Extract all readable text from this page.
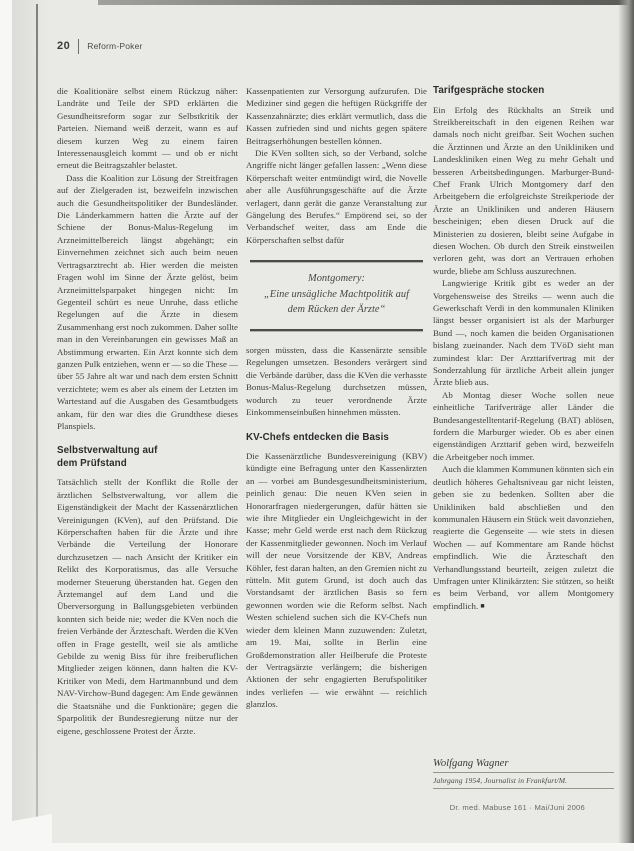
20 Reform-Poker

die Koalitionäre selbst einem Rückzug näher: Landräte und Teile der SPD erklärten die Gesundheitsreform sogar zur Selbstkritik der Parteien. Niemand weiß derzeit, wann es auf diesem kurzen Weg zu einem fairen Interessenausgleich kommt — und ob er nicht erneut die Beitragszahler belastet.

Dass die Koalition zur Lösung der Streitfragen auf der Zielgeraden ist, bezweifeln inzwischen auch die Gesundheitspolitiker der Bundesländer. Die Länderkammern hatten die Ärzte auf der Schiene der Bonus-Malus-Regelung im Arzneimittelbereich längst abgehängt; ein Einvernehmen zeichnet sich auch beim neuen Vertragsarztrecht ab. Hier werden die meisten Fragen wohl im Sinne der Ärzte gelöst, beim Arzneimittelsparpaket hingegen nicht: Im Gegenteil schürt es neue Unruhe, dass etliche Regelungen auf die Ärzte in diesem Zusammenhang erst noch zukommen. Daher sollte man in den Vereinbarungen ein gewisses Maß an Abstimmung erwarten. Ein Arzt konnte sich dem ganzen Pulk entziehen, wenn er — so die These — über 55 Jahre alt war und nach dem ersten Schnitt verzichtete; wem es aber als einem der Letzten im Wartestand auf die Ausgaben des Gesamtbudgets ankam, für den war dies die Grundthese dieses Planspiels.

Selbstverwaltung auf dem Prüfstand

Tatsächlich stellt der Konflikt die Rolle der ärztlichen Selbstverwaltung, vor allem die Eigenständigkeit der Macht der Kassenärztlichen Vereinigungen (KVen), auf den Prüfstand. Die Körperschaften haben für die Ärzte und ihre Verbände die Verteilung der Honorare durchzusetzen — nach Ansicht der Kritiker ein Relikt des Korporatismus, das alle Versuche moderner Steuerung überstanden hat. Gegen den Ärztemangel auf dem Land und die Überversorgung in Ballungsgebieten verbünden konnten sich beide nie; weder die KVen noch die freien Verbände der Ärzteschaft. Werden die KVen offen in Frage gestellt, weil sie als amtliche Gebilde zu wenig Biss für ihre freiberuflichen Mitglieder zeigen können, dann halten die KV-Kritiker von Medi, dem Hartmannbund und dem NAV-Virchow-Bund dagegen: Am Ende gewännen die Staatsnähe und die Funktionäre; gegen die Sparpolitik der Bundesregierung nütze nur der eigene, geschlossene Protest der Ärzte.

Kassenpatienten zur Versorgung aufzurufen. Die Mediziner sind gegen die heftigen Rückgriffe der Kassenzahnärzte; dies erklärt vermutlich, dass die Kassen zufrieden sind und nichts gegen spätere Beitragserhöhungen bestellen können.

Die KVen sollten sich, so der Verband, solche Angriffe nicht länger gefallen lassen: „Wenn diese Körperschaft weiter entmündigt wird, die Novelle aber alle Ausführungsgeschäfte auf die Ärzte verlagert, dann gerät die ganze Veranstaltung zur Gängelung des Berufes.“ Empörend sei, so der Verbandschef weiter, dass am Ende die Körperschaften selbst dafür

Montgomery:
„Eine unsägliche Machtpolitik auf dem Rücken der Ärzte“

sorgen müssten, dass die Kassenärzte sensible Regelungen umsetzen. Besonders verärgert sind die Verbände darüber, dass die KVen die verhasste Bonus-Malus-Regelung durchsetzen müssen, wodurch zu teuer verordnende Ärzte Einkommenseinbußen hinnehmen müssten.

KV-Chefs entdecken die Basis

Die Kassenärztliche Bundesvereinigung (KBV) kündigte eine Befragung unter den Kassenärzten an — vorbei am Bundesgesundheitsministerium, peinlich genau: Die neuen KVen seien in Honorarfragen niedergerungen, dafür hätten sie wie ihre Mitglieder ein Ungleichgewicht in der Kasse; mehr Geld werde erst nach dem Rückzug der Kassenmitglieder gewonnen. Noch im Verlauf will der neue Vorsitzende der KBV, Andreas Köhler, fest daran halten, an den Gremien nicht zu rütteln. Mit gutem Grund, ist doch auch das Vorstandsamt der ärztlichen Basis so fern gewonnen worden wie die Reform selbst. Nach Westen schielend suchen sich die KV-Chefs nun wieder dem kleinen Mann zuzuwenden: Zuletzt, am 19. Mai, sollte in Berlin eine Großdemonstration aller Heilberufe die Proteste der Vertragsärzte verlängern; die bisherigen Aktionen der sehr engagierten Berufspolitiker indes verliefen — wie erwähnt — reichlich glanzlos.

Tarifgespräche stocken

Ein Erfolg des Rückhalts an Streik und Streikbereitschaft in den eigenen Reihen war damals noch nicht greifbar. Seit Wochen suchen die Ärztinnen und Ärzte an den Unikliniken und Landeskliniken einen Weg zu mehr Gehalt und besseren Arbeitsbedingungen. Marburger-Bund-Chef Frank Ulrich Montgomery darf den Arbeitgebern die erfolgreichste Streikperiode der Ärzte an Unikliniken und anderen Häusern bescheinigen; eben diesen Druck auf die Ministerien zu dosieren, bleibt seine Aufgabe in diesen Wochen. Ob durch den Streik einstweilen verloren geht, was dort an Vertrauen erhoben wurde, bliebe am Schluss auszurechnen.

Langwierige Kritik gibt es weder an der Vorgehensweise des Streiks — wenn auch die Gewerkschaft Verdi in den kommunalen Kliniken längst besser organisiert ist als der Marburger Bund —, noch kamen die beiden Organisationen bislang zueinander. Nach dem TVöD sieht man zumindest klar: Der Arzttarifvertrag mit der Sonderzahlung für ärztliche Arbeit allein junger Ärzte blieb aus.

Ab Montag dieser Woche sollen neue einheitliche Tarifverträge aller Länder die Bundesangestelltentarif-Regelung (BAT) ablösen, fordern die Marburger wieder. Ob es aber einen eigenständigen Arzttarif geben wird, bezweifeln die Arbeitgeber noch immer.

Auch die klammen Kommunen könnten sich ein deutlich höheres Gehaltsniveau gar nicht leisten, geben sie zu bedenken. Sollten aber die Unikliniken bald abschließen und den kommunalen Häusern ein Stück weit davonziehen, reagierte die Gegenseite — wie stets in diesen Wochen — auf Kommentare am Rande höchst empfindlich. Wie die Ärzteschaft den Verhandlungsstand beurteilt, zeigen zuletzt die Umfragen unter Klinikärzten: Sie stützen, so heißt es beim Verband, vor allem Montgomery empfindlich. ■

Wolfgang Wagner
Jahrgang 1954, Journalist in Frankfurt/M.
Dr. med. Mabuse 161 · Mai/Juni 2006
